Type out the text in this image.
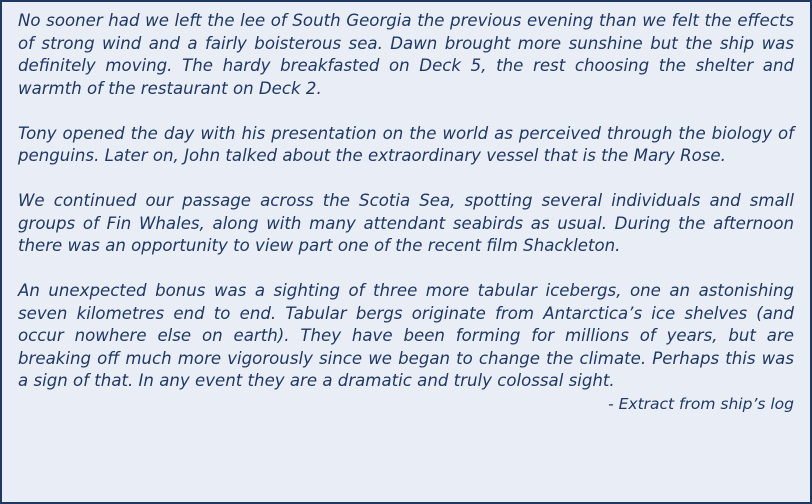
No sooner had we left the lee of South Georgia the previous evening than we felt the effects of strong wind and a fairly boisterous sea. Dawn brought more sunshine but the ship was definitely moving. The hardy breakfasted on Deck 5, the rest choosing the shelter and warmth of the restaurant on Deck 2.

Tony opened the day with his presentation on the world as perceived through the biology of penguins. Later on, John talked about the extraordinary vessel that is the Mary Rose.

We continued our passage across the Scotia Sea, spotting several individuals and small groups of Fin Whales, along with many attendant seabirds as usual. During the afternoon there was an opportunity to view part one of the recent film Shackleton.

An unexpected bonus was a sighting of three more tabular icebergs, one an astonishing seven kilometres end to end. Tabular bergs originate from Antarctica’s ice shelves (and occur nowhere else on earth). They have been forming for millions of years, but are breaking off much more vigorously since we began to change the climate. Perhaps this was a sign of that. In any event they are a dramatic and truly colossal sight.

- Extract from ship’s log
